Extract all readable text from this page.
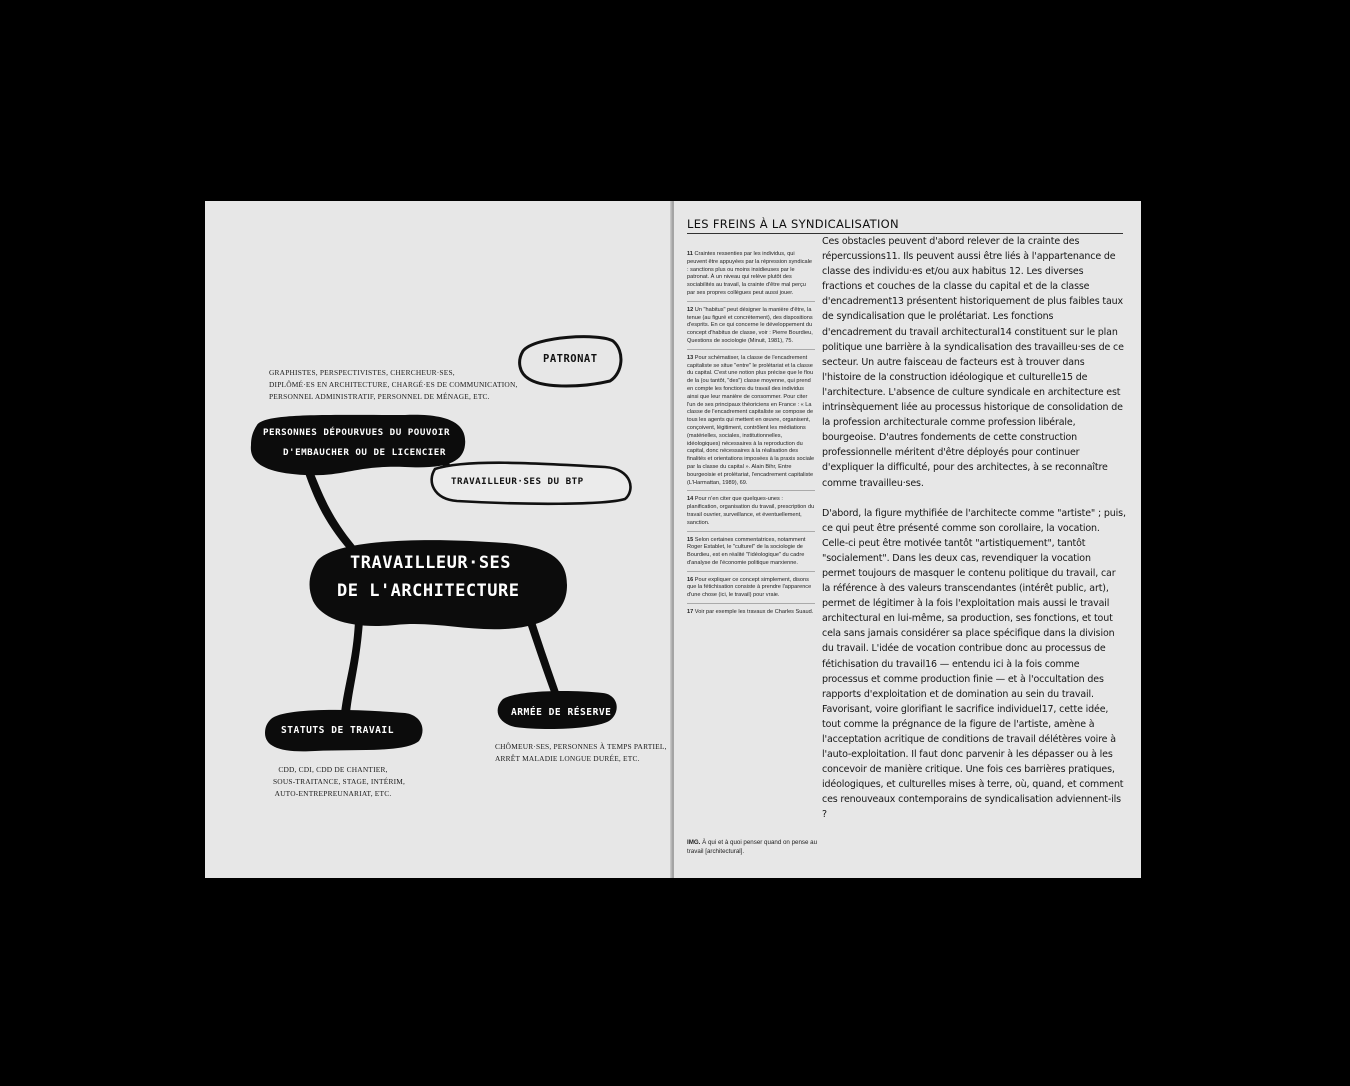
PATRONAT
PERSONNES DÉPOURVUES DU POUVOIR
D'EMBAUCHER OU DE LICENCIER
TRAVAILLEUR·SES DU BTP
TRAVAILLEUR·SES
DE L'ARCHITECTURE
STATUTS DE TRAVAIL
ARMÉE DE RÉSERVE
GRAPHISTES, PERSPECTIVISTES, CHERCHEUR·SES,
DIPLÔMÉ·ES EN ARCHITECTURE, CHARGÉ·ES DE COMMUNICATION,
PERSONNEL ADMINISTRATIF, PERSONNEL DE MÉNAGE, ETC.
CDD, CDI, CDD DE CHANTIER,
SOUS-TRAITANCE, STAGE, INTÉRIM,
AUTO-ENTREPREUNARIAT, ETC.
CHÔMEUR·SES, PERSONNES À TEMPS PARTIEL,
ARRÊT MALADIE LONGUE DURÉE, ETC.
LES FREINS À LA SYNDICALISATION

11 Craintes ressenties par les individus, qui peuvent être appuyées par la répression syndicale : sanctions plus ou moins insidieuses par le patronat. À un niveau qui relève plutôt des sociabilités au travail, la crainte d'être mal perçu par ses propres collègues peut aussi jouer.

12 Un "habitus" peut désigner la manière d'être, la tenue (au figuré et concrètement), des dispositions d'esprits. En ce qui concerne le développement du concept d'habitus de classe, voir : Pierre Bourdieu, Questions de sociologie (Minuit, 1981), 75.

13 Pour schématiser, la classe de l'encadrement capitaliste se situe "entre" le prolétariat et la classe du capital. C'est une notion plus précise que le flou de la (ou tantôt, "des") classe moyenne, qui prend en compte les fonctions du travail des individus ainsi que leur manière de consommer. Pour citer l'un de ses principaux théoriciens en France : « La classe de l'encadrement capitaliste se compose de tous les agents qui mettent en œuvre, organisent, conçoivent, légitiment, contrôlent les médiations (matérielles, sociales, institutionnelles, idéologiques) nécessaires à la reproduction du capital, donc nécessaires à la réalisation des finalités et orientations imposées à la praxis sociale par la classe du capital ». Alain Bihr, Entre bourgeoisie et prolétariat, l'encadrement capitaliste (L'Harmattan, 1989), 69.

14 Pour n'en citer que quelques-unes : planification, organisation du travail, prescription du travail ouvrier, surveillance, et éventuellement, sanction.

15 Selon certaines commentatrices, notamment Roger Establet, le "culturel" de la sociologie de Bourdieu, est en réalité "l'idéologique" du cadre d'analyse de l'économie politique marxienne.

16 Pour expliquer ce concept simplement, disons que la fétichisation consiste à prendre l'apparence d'une chose (ici, le travail) pour vraie.

17 Voir par exemple les travaux de Charles Suaud.

Ces obstacles peuvent d'abord relever de la crainte des répercussions11. Ils peuvent aussi être liés à l'appartenance de classe des individu·es et/ou aux habitus 12. Les diverses fractions et couches de la classe du capital et de la classe d'encadrement13 présentent historiquement de plus faibles taux de syndicalisation que le prolétariat. Les fonctions d'encadrement du travail architectural14 constituent sur le plan politique une barrière à la syndicalisation des travailleu·ses de ce secteur. Un autre faisceau de facteurs est à trouver dans l'histoire de la construction idéologique et culturelle15 de l'architecture. L'absence de culture syndicale en architecture est intrinsèquement liée au processus historique de consolidation de la profession architecturale comme profession libérale, bourgeoise. D'autres fondements de cette construction professionnelle méritent d'être déployés pour continuer d'expliquer la difficulté, pour des architectes, à se reconnaître comme travailleu·ses.

D'abord, la figure mythifiée de l'architecte comme "artiste" ; puis, ce qui peut être présenté comme son corollaire, la vocation. Celle-ci peut être motivée tantôt "artistiquement", tantôt "socialement". Dans les deux cas, revendiquer la vocation permet toujours de masquer le contenu politique du travail, car la référence à des valeurs transcendantes (intérêt public, art), permet de légitimer à la fois l'exploitation mais aussi le travail architectural en lui-même, sa production, ses fonctions, et tout cela sans jamais considérer sa place spécifique dans la division du travail. L'idée de vocation contribue donc au processus de fétichisation du travail16 — entendu ici à la fois comme processus et comme production finie — et à l'occultation des rapports d'exploitation et de domination au sein du travail. Favorisant, voire glorifiant le sacrifice individuel17, cette idée, tout comme la prégnance de la figure de l'artiste, amène à l'acceptation acritique de conditions de travail délétères voire à l'auto-exploitation. Il faut donc parvenir à les dépasser ou à les concevoir de manière critique. Une fois ces barrières pratiques, idéologiques, et culturelles mises à terre, où, quand, et comment ces renouveaux contemporains de syndicalisation adviennent-ils ?

IMG. À qui et à quoi penser quand on pense au travail [architectural].
